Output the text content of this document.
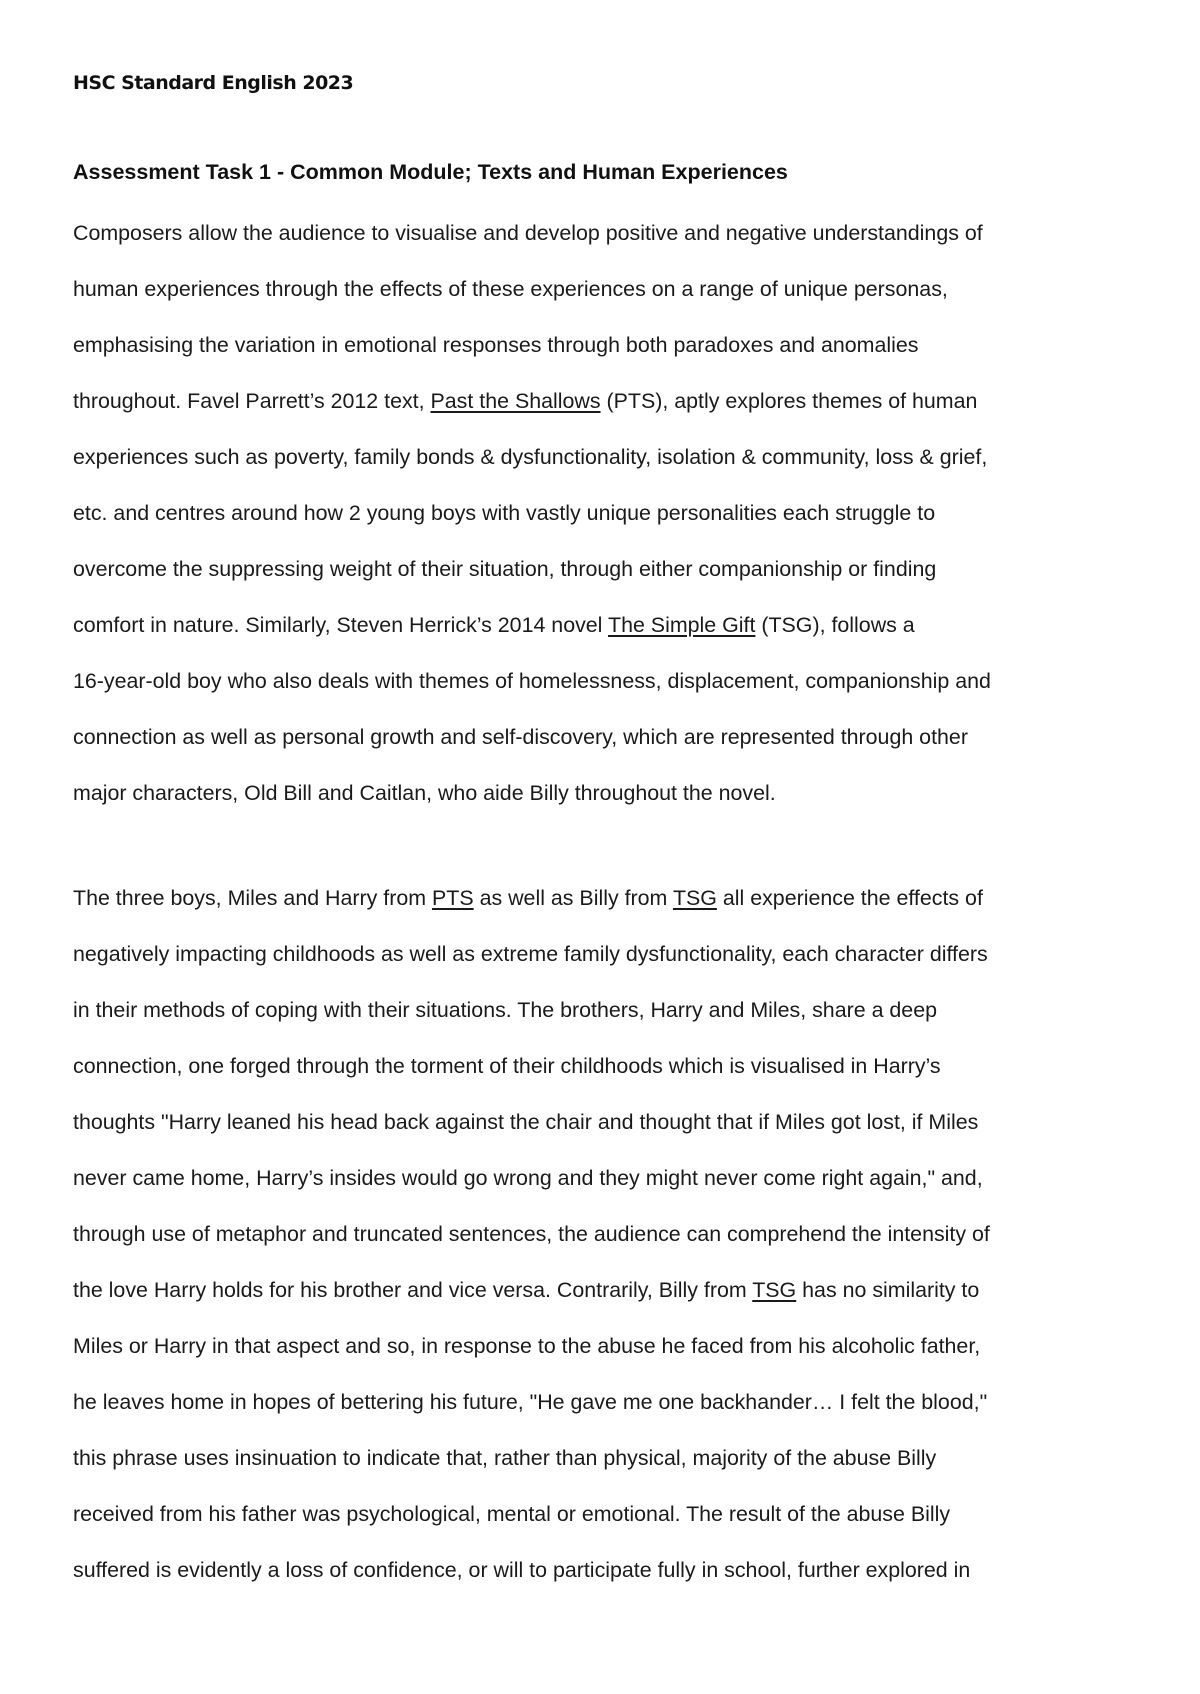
HSC Standard English 2023
Assessment Task 1 - Common Module; Texts and Human Experiences

Composers allow the audience to visualise and develop positive and negative understandings of
human experiences through the effects of these experiences on a range of unique personas,
emphasising the variation in emotional responses through both paradoxes and anomalies
throughout. Favel Parrett’s 2012 text, Past the Shallows (PTS), aptly explores themes of human
experiences such as poverty, family bonds & dysfunctionality, isolation & community, loss & grief,
etc. and centres around how 2 young boys with vastly unique personalities each struggle to
overcome the suppressing weight of their situation, through either companionship or finding
comfort in nature. Similarly, Steven Herrick’s 2014 novel The Simple Gift (TSG), follows a
16-year-old boy who also deals with themes of homelessness, displacement, companionship and
connection as well as personal growth and self-discovery, which are represented through other
major characters, Old Bill and Caitlan, who aide Billy throughout the novel.

The three boys, Miles and Harry from PTS as well as Billy from TSG all experience the effects of
negatively impacting childhoods as well as extreme family dysfunctionality, each character differs
in their methods of coping with their situations. The brothers, Harry and Miles, share a deep
connection, one forged through the torment of their childhoods which is visualised in Harry’s
thoughts "Harry leaned his head back against the chair and thought that if Miles got lost, if Miles
never came home, Harry’s insides would go wrong and they might never come right again," and,
through use of metaphor and truncated sentences, the audience can comprehend the intensity of
the love Harry holds for his brother and vice versa. Contrarily, Billy from TSG has no similarity to
Miles or Harry in that aspect and so, in response to the abuse he faced from his alcoholic father,
he leaves home in hopes of bettering his future, "He gave me one backhander… I felt the blood,"
this phrase uses insinuation to indicate that, rather than physical, majority of the abuse Billy
received from his father was psychological, mental or emotional. The result of the abuse Billy
suffered is evidently a loss of confidence, or will to participate fully in school, further explored in
